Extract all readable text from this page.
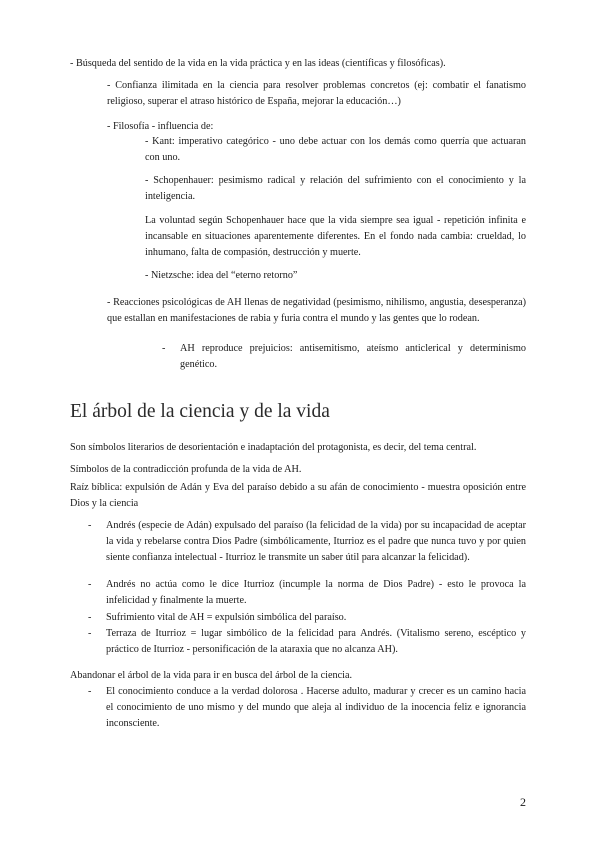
- Búsqueda del sentido de la vida en la vida práctica y en las ideas (científicas y filosóficas).

- Confianza ilimitada en la ciencia para resolver problemas concretos (ej: combatir el fanatismo religioso, superar el atraso histórico de España, mejorar la educación…)

- Filosofía - influencia de:

- Kant: imperativo categórico - uno debe actuar con los demás como querría que actuaran con uno.

- Schopenhauer: pesimismo radical y relación del sufrimiento con el conocimiento y la inteligencia.

La voluntad según Schopenhauer hace que la vida siempre sea igual - repetición infinita e incansable en situaciones aparentemente diferentes. En el fondo nada cambia: crueldad, lo inhumano, falta de compasión, destrucción y muerte.

- Nietzsche: idea del “eterno retorno”

- Reacciones psicológicas de AH llenas de negatividad (pesimismo, nihilismo, angustia, desesperanza) que estallan en manifestaciones de rabia y furia contra el mundo y las gentes que lo rodean.

- AH reproduce prejuicios: antisemitismo, ateísmo anticlerical y determinismo genético.
El árbol de la ciencia y de la vida

Son símbolos literarios de desorientación e inadaptación del protagonista, es decir, del tema central.

Símbolos de la contradicción profunda de la vida de AH.

Raíz bíblica: expulsión de Adán y Eva del paraíso debido a su afán de conocimiento - muestra oposición entre Dios y la ciencia

- Andrés (especie de Adán) expulsado del paraíso (la felicidad de la vida) por su incapacidad de aceptar la vida y rebelarse contra Dios Padre (simbólicamente, Iturrioz es el padre que nunca tuvo y por quien siente confianza intelectual - Iturrioz le transmite un saber útil para alcanzar la felicidad).
- Andrés no actúa como le dice Iturrioz (incumple la norma de Dios Padre) - esto le provoca la infelicidad y finalmente la muerte.
- Sufrimiento vital de AH = expulsión simbólica del paraíso.
- Terraza de Iturrioz = lugar simbólico de la felicidad para Andrés. (Vitalismo sereno, escéptico y práctico de Iturrioz - personificación de la ataraxia que no alcanza AH).

Abandonar el árbol de la vida para ir en busca del árbol de la ciencia.

- El conocimiento conduce a la verdad dolorosa . Hacerse adulto, madurar y crecer es un camino hacia el conocimiento de uno mismo y del mundo que aleja al individuo de la inocencia feliz e ignorancia inconsciente.
2
